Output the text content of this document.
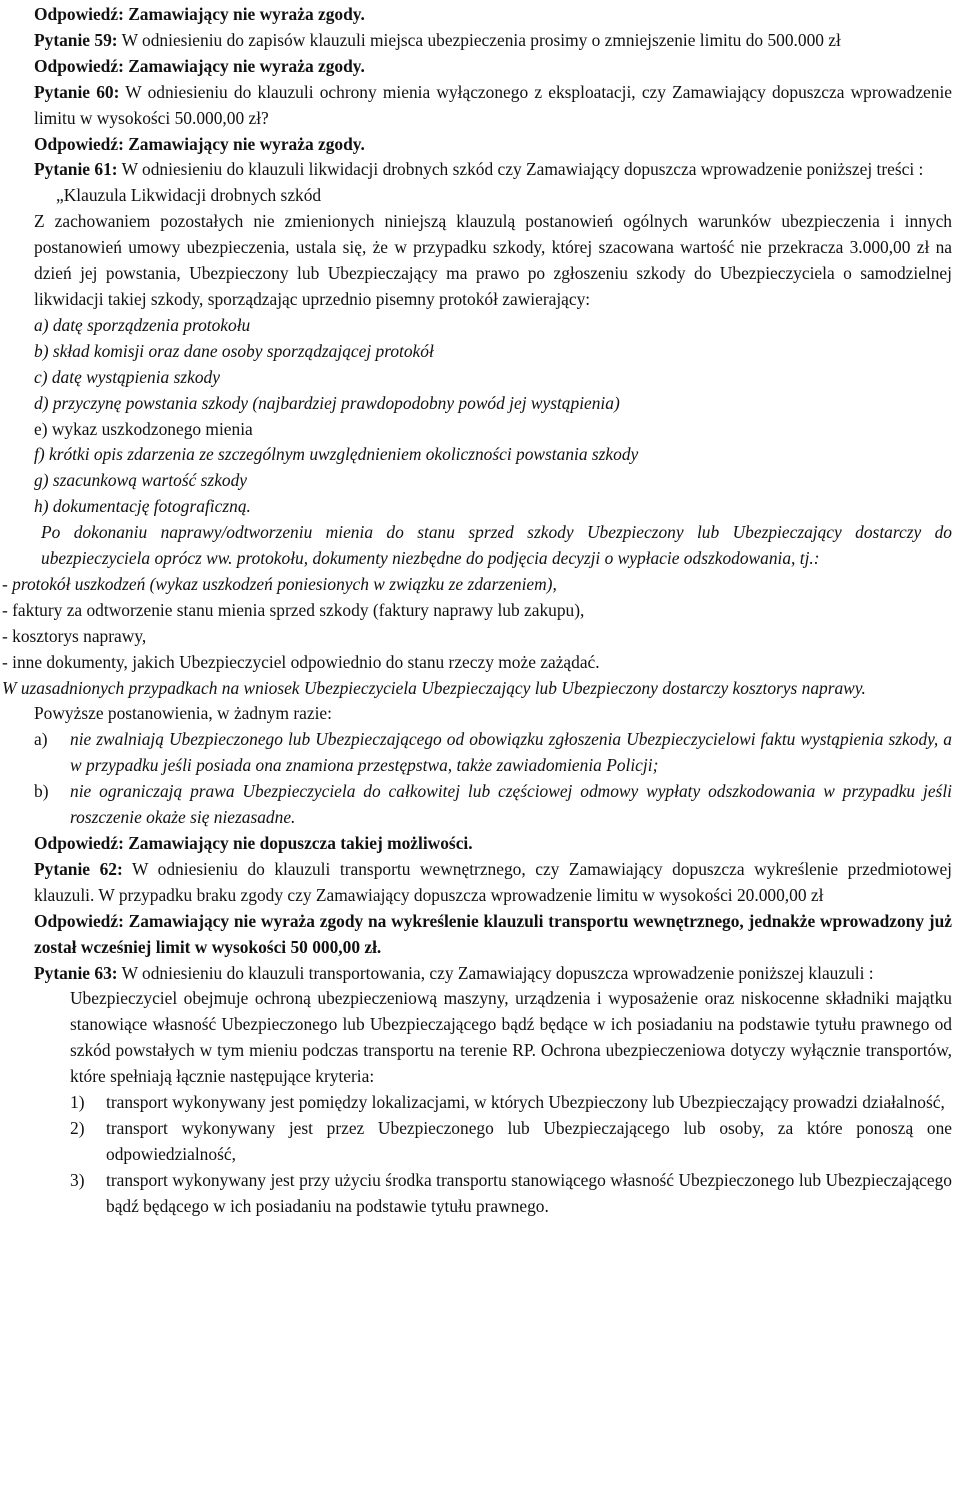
Odpowiedź: Zamawiający nie wyraża zgody.

Pytanie 59: W odniesieniu do zapisów klauzuli miejsca ubezpieczenia prosimy o zmniejszenie limitu do 500.000 zł

Odpowiedź: Zamawiający nie wyraża zgody.

Pytanie 60: W odniesieniu do klauzuli ochrony mienia wyłączonego z eksploatacji, czy Zamawiający dopuszcza wprowadzenie limitu w wysokości 50.000,00 zł?

Odpowiedź: Zamawiający nie wyraża zgody.

Pytanie 61: W odniesieniu do klauzuli likwidacji drobnych szkód czy Zamawiający dopuszcza wprowadzenie poniższej treści :

„Klauzula Likwidacji drobnych szkód

Z zachowaniem pozostałych nie zmienionych niniejszą klauzulą postanowień ogólnych warunków ubezpieczenia i innych postanowień umowy ubezpieczenia, ustala się, że w przypadku szkody, której szacowana wartość nie przekracza 3.000,00 zł na dzień jej powstania, Ubezpieczony lub Ubezpieczający ma prawo po zgłoszeniu szkody do Ubezpieczyciela o samodzielnej likwidacji takiej szkody, sporządzając uprzednio pisemny protokół zawierający:

a) datę sporządzenia protokołu

b) skład komisji oraz dane osoby sporządzającej protokół

c) datę wystąpienia szkody

d) przyczynę powstania szkody (najbardziej prawdopodobny powód jej wystąpienia)

e) wykaz uszkodzonego mienia

f) krótki opis zdarzenia ze szczególnym uwzględnieniem okoliczności powstania szkody

g) szacunkową wartość szkody

h) dokumentację fotograficzną.

Po dokonaniu naprawy/odtworzeniu mienia do stanu sprzed szkody Ubezpieczony lub Ubezpieczający dostarczy do ubezpieczyciela oprócz ww. protokołu, dokumenty niezbędne do podjęcia decyzji o wypłacie odszkodowania, tj.:

- protokół uszkodzeń (wykaz uszkodzeń poniesionych w związku ze zdarzeniem),

- faktury za odtworzenie stanu mienia sprzed szkody (faktury naprawy lub zakupu),

- kosztorys naprawy,

- inne dokumenty, jakich Ubezpieczyciel odpowiednio do stanu rzeczy może zażądać.

W uzasadnionych przypadkach na wniosek Ubezpieczyciela Ubezpieczający lub Ubezpieczony dostarczy kosztorys naprawy.

Powyższe postanowienia, w żadnym razie:

a)	nie zwalniają Ubezpieczonego lub Ubezpieczającego od obowiązku zgłoszenia Ubezpieczycielowi faktu wystąpienia szkody, a w przypadku jeśli posiada ona znamiona przestępstwa, także zawiadomienia Policji;
b)	nie ograniczają prawa Ubezpieczyciela do całkowitej lub częściowej odmowy wypłaty odszkodowania w przypadku jeśli roszczenie okaże się niezasadne.

Odpowiedź: Zamawiający nie dopuszcza takiej możliwości.

Pytanie 62: W odniesieniu do klauzuli transportu wewnętrznego, czy Zamawiający dopuszcza wykreślenie przedmiotowej klauzuli. W przypadku braku zgody czy Zamawiający dopuszcza wprowadzenie limitu w wysokości 20.000,00 zł

Odpowiedź: Zamawiający nie wyraża zgody na wykreślenie klauzuli transportu wewnętrznego, jednakże wprowadzony już został wcześniej limit w wysokości 50 000,00 zł.

Pytanie 63: W odniesieniu do klauzuli transportowania, czy Zamawiający dopuszcza wprowadzenie poniższej klauzuli :

Ubezpieczyciel obejmuje ochroną ubezpieczeniową maszyny, urządzenia i wyposażenie oraz niskocenne składniki majątku stanowiące własność Ubezpieczonego lub Ubezpieczającego bądź będące w ich posiadaniu na podstawie tytułu prawnego od szkód powstałych w tym mieniu podczas transportu na terenie RP. Ochrona ubezpieczeniowa dotyczy wyłącznie transportów, które spełniają łącznie następujące kryteria:

1)	transport wykonywany jest pomiędzy lokalizacjami, w których Ubezpieczony lub Ubezpieczający prowadzi działalność,
2)	transport wykonywany jest przez Ubezpieczonego lub Ubezpieczającego lub osoby, za które ponoszą one odpowiedzialność,
3)	transport wykonywany jest przy użyciu środka transportu stanowiącego własność Ubezpieczonego lub Ubezpieczającego bądź będącego w ich posiadaniu na podstawie tytułu prawnego.
